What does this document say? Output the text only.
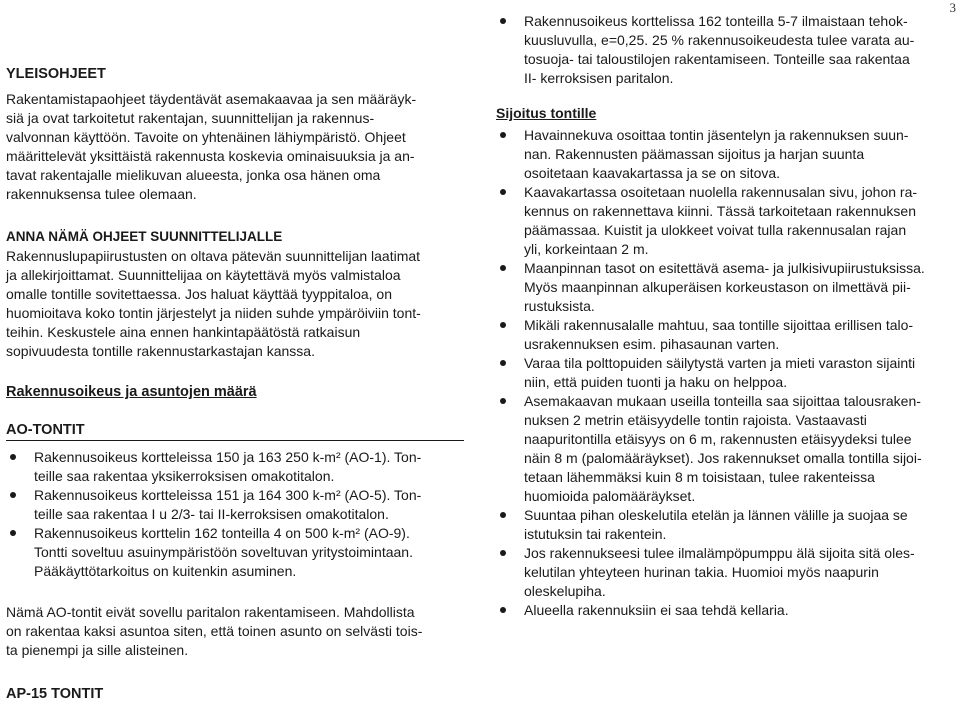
3

YLEISOHJEET

Rakentamistapaohjeet täydentävät asemakaavaa ja sen määräyk-
siä ja ovat tarkoitetut rakentajan, suunnittelijan ja rakennus-
valvonnan käyttöön. Tavoite on yhtenäinen lähiympäristö. Ohjeet
määrittelevät yksittäistä rakennusta koskevia ominaisuuksia ja an-
tavat rakentajalle mielikuvan alueesta, jonka osa hänen oma
rakennuksensa tulee olemaan.

ANNA NÄMÄ OHJEET SUUNNITTELIJALLE

Rakennuslupapiirustusten on oltava pätevän suunnittelijan laatimat
ja allekirjoittamat. Suunnittelijaa on käytettävä myös valmistaloa
omalle tontille sovitettaessa. Jos haluat käyttää tyyppitaloa, on
huomioitava koko tontin järjestelyt ja niiden suhde ympäröiviin tont-
teihin. Keskustele aina ennen hankintapäätöstä ratkaisun
sopivuudesta tontille rakennustarkastajan kanssa.

Rakennusoikeus ja asuntojen määrä

AO-TONTIT

Rakennusoikeus kortteleissa 150 ja 163 250 k-m² (AO-1). Ton-
teille saa rakentaa yksikerroksisen omakotitalon.
Rakennusoikeus kortteleissa 151 ja 164 300 k-m² (AO-5). Ton-
teille saa rakentaa I u 2/3- tai II-kerroksisen omakotitalon.
Rakennusoikeus korttelin 162 tonteilla 4 on 500 k-m² (AO-9).
Tontti soveltuu asuinympäristöön soveltuvan yritystoimintaan.
Pääkäyttötarkoitus on kuitenkin asuminen.
Nämä AO-tontit eivät sovellu paritalon rakentamiseen. Mahdollista
on rakentaa kaksi asuntoa siten, että toinen asunto on selvästi tois-
ta pienempi ja sille alisteinen.

AP-15 TONTIT

Rakennusoikeus korttelissa 162 tonteilla 5-7 ilmaistaan tehok-
kuusluvulla, e=0,25. 25 % rakennusoikeudesta tulee varata au-
tosuoja- tai taloustilojen rakentamiseen. Tonteille saa rakentaa
II- kerroksisen paritalon.

Sijoitus tontille

Havainnekuva osoittaa tontin jäsentelyn ja rakennuksen suun-
nan. Rakennusten päämassan sijoitus ja harjan suunta
osoitetaan kaavakartassa ja se on sitova.
Kaavakartassa osoitetaan nuolella rakennusalan sivu, johon ra-
kennus on rakennettava kiinni. Tässä tarkoitetaan rakennuksen
päämassaa. Kuistit ja ulokkeet voivat tulla rakennusalan rajan
yli, korkeintaan 2 m.
Maanpinnan tasot on esitettävä asema- ja julkisivupiirustuksissa.
Myös maanpinnan alkuperäisen korkeustason on ilmettävä pii-
rustuksista.
Mikäli rakennusalalle mahtuu, saa tontille sijoittaa erillisen talo-
usrakennuksen esim. pihasaunan varten.
Varaa tila polttopuiden säilytystä varten ja mieti varaston sijainti
niin, että puiden tuonti ja haku on helppoa.
Asemakaavan mukaan useilla tonteilla saa sijoittaa talousraken-
nuksen 2 metrin etäisyydelle tontin rajoista. Vastaavasti
naapuritontilla etäisyys on 6 m, rakennusten etäisyydeksi tulee
näin 8 m (palomääräykset). Jos rakennukset omalla tontilla sijoi-
tetaan lähemmäksi kuin 8 m toisistaan, tulee rakenteissa
huomioida palomääräykset.
Suuntaa pihan oleskelutila etelän ja lännen välille ja suojaa se
istutuksin tai rakentein.
Jos rakennukseesi tulee ilmalämpöpumppu älä sijoita sitä oles-
kelutilan yhteyteen hurinan takia. Huomioi myös naapurin
oleskelupiha.
Alueella rakennuksiin ei saa tehdä kellaria.
